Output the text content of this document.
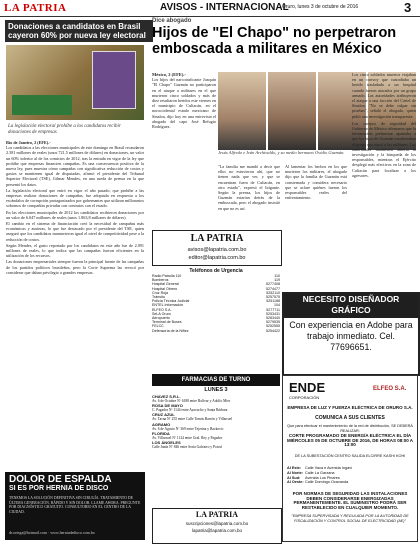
LA PATRIA	AVISOS - INTERNACIONAL
Oruro, lunes 3 de octubre de 2016	3
Donaciones a candidatos en Brasil cayeron 60% por nueva ley electoral
La legislación electoral prohíbe a los candidatos recibir donaciones de empresas
Río de Janeiro, 2 (EFE).-

Los candidatos a las elecciones municipales de este domingo en Brasil recaudaron 2.381 millones de reales (unos 721,5 millones de dólares) en donaciones, un valor un 60% inferior al de los comicios de 2012, tras la entrada en vigor de la ley que prohíbe que empresas financien campañas. Es una consecuencia positiva de la nueva ley, pues muestra cómo campañas con significativa reducción de costos y gastos se mantienen igual de disputadas, afirmó el presidente del Tribunal Superior Electoral (TSE), Gilmar Mendes, en una rueda de prensa en la que presentó los datos.

La legislación electoral que entró en vigor el año pasado, que prohíbe a las empresas realizar donaciones de campañas, fue adoptada en respuesta a los escándalos de corrupción protagonizados por gobernantes que utilizan millonarios sobornos de compañías privadas con contratos con el estado.

En las elecciones municipales de 2012 los candidatos recibieron donaciones por un valor de 6.047 millones de reales (unos 1.863,8 millones de dólares).

El cambio en el sistema de financiación creó la necesidad de campañas más económicas y austeras, lo que fue destacado por el presidente del TSE, quien aseguró que los candidatos mantuvieron igual el nivel de competitividad pese a la reducción de costos.

Según Mendes, el gasto reportado por los candidatos en este año fue de 2.091 millones de reales, lo que indica que las campañas fueron eficientes en la utilización de los recursos.

Las donaciones empresariales siempre fueron la principal fuente de las campañas de los partidos políticos brasileños, pero la Corte Suprema las revocó por considerar que daban privilegio a grandes empresas.

DOLOR DE ESPALDA
SI ES POR HERNIA DE DISCO
TENEMOS LA SOLUCIÓN DEFINITIVA SIN CIRUGÍA. TRATAMIENTO DE ÚLTIMA GENERACIÓN, RÁPIDO Y SIN DOLOR. LLAME AHORA. PREGUNTE POR DIAGNÓSTICO GRATUITO. CONSULTORIO EN EL CENTRO DE LA CIUDAD.
dr.ortega@hotmail.com · www.herniadedisco.com.bo
Dice abogado
Hijos de "El Chapo" no perpetraron emboscada a militares en México
México, 2 (EFE).-
Los hijos del narcotraficante Joaquín "El Chapo" Guzmán no participaron en el ataque a militares en el que murieron cinco soldados y más de diez resultaron heridos este viernes en el municipio de Culiacán, en el noroccidental estado mexicano de Sinaloa, dijo hoy en una entrevista el abogado del capo José Refugio Rodríguez.
Jesús Alfredo e Iván Archivaldo, y su medio hermano Ovidio Guzmán.
"La familia me mandó a decir que ellos no estuvieron ahí, que no tienen nada que ver, y que se encuentran fuera de Culiacán, en otro estado", expresó el litigante. Según la prensa, los hijos de Guzmán estarían detrás de la emboscada, pero el abogado insistió en que no es así.
Al lamentar los hechos en los que murieron los militares, el abogado dijo que la familia de Guzmán está consternada y considera necesario que se aclare quiénes fueron los responsables reales del enfrentamiento.
Los cinco soldados muertos viajaban en un convoy que custodiaba un herido trasladado a un hospital cuando fueron atacados por un grupo armado. Las autoridades atribuyeron el ataque a una facción del Cártel de Sinaloa. "No se debe culpar sin pruebas", señaló el abogado, quien pidió una investigación transparente.

Los cuerpos de seguridad del Gobierno de México afirmaron que la información preliminar apuntaba a que los hijos de Guzmán encabezaban el grupo que atacó a los militares. Las autoridades mantienen abierta la investigación y la búsqueda de los responsables, mientras el Ejército desplegó más efectivos en la zona de Culiacán para localizar a los agresores.

LA PATRIA
avisos@lapatria.com.bo
editor@lapatria.com.bo
Teléfonos de Urgencia
Radio Patrulla 110	110
Bomberos	119
Hospital General	5277408
Hospital Obrero	5274477
Cruz Roja	5252110
Tránsito	5257575
Policía Técnica Judicial	5251188
ENTEL Información	104
ELFEO S.A.	5277711
SeLA Oruro	5253431
Aeropuerto	5283440
Terminal de Buses	5279535
FELCC	5252555
Defensoría de la Niñez	5254422
FARMACIAS DE TURNO
LUNES 3
CHAVEZ S.R.L.
Av. 6 de Octubre Nº 6188 entre Bolívar y Adolfo Mier
ROSA DE MAYO
C. Pagador Nº 1144 entre Ayacucho y Santa Bárbara
CRUZ AZUL
Av. Tacna Nº 255 entre Calle Tomás Barrón y Villarroel
AGRAMO
Av. 6 de Agosto Nº 369 entre Tejerina y Backovic
FLORIDA
Av. Villarroel Nº 1124 entre Gral. Rey y Pagador
LOS ÁNGELES
Calle Junín Nº 846 entre Soria Galvarro y Potosí
LA PATRIA
suscripciones@lapatria.com.bo
lapatria@lapatria.com.bo
NECESITO DISEÑADOR GRÁFICO
Con experiencia en Adobe para trabajo inmediato. Cel. 77696651.
ENDE
CORPORACIÓN
ELFEO S.A.
EMPRESA DE LUZ Y FUERZA ELÉCTRICA DE ORURO S.A.
COMUNICA A SUS CLIENTES
Que para efectuar el mantenimiento de la red de distribución, SE DEBERÁ REALIZAR:
CORTE PROGRAMADO DE ENERGÍA ELÉCTRICA EL DÍA MIÉRCOLES 05 DE OCTUBRE DE 2016, DE HORAS 08:00 A 13:00
DE LA SUBESTACIÓN CENTRO SALIDA ELCIRRE KASHI KOHI
Al Este:	Calle Vaca e Avenida Ingavi
Al Norte: Calle La Garzana
Al Sud:	Avenida Los Pinares
Al Oeste: Calle Domingo Ocavanda
POR NORMAS DE SEGURIDAD LAS INSTALACIONES DEBEN CONSIDERARSE ENERGIZADAS PERMANENTEMENTE. EL SUMINISTRO PODRÁ SER RESTABLECIDO EN CUALQUIER MOMENTO.
"EMPRESA SUPERVISADA Y REGULADA POR LA AUTORIDAD DE FISCALIZACIÓN Y CONTROL SOCIAL DE ELECTRICIDAD (AE)"
